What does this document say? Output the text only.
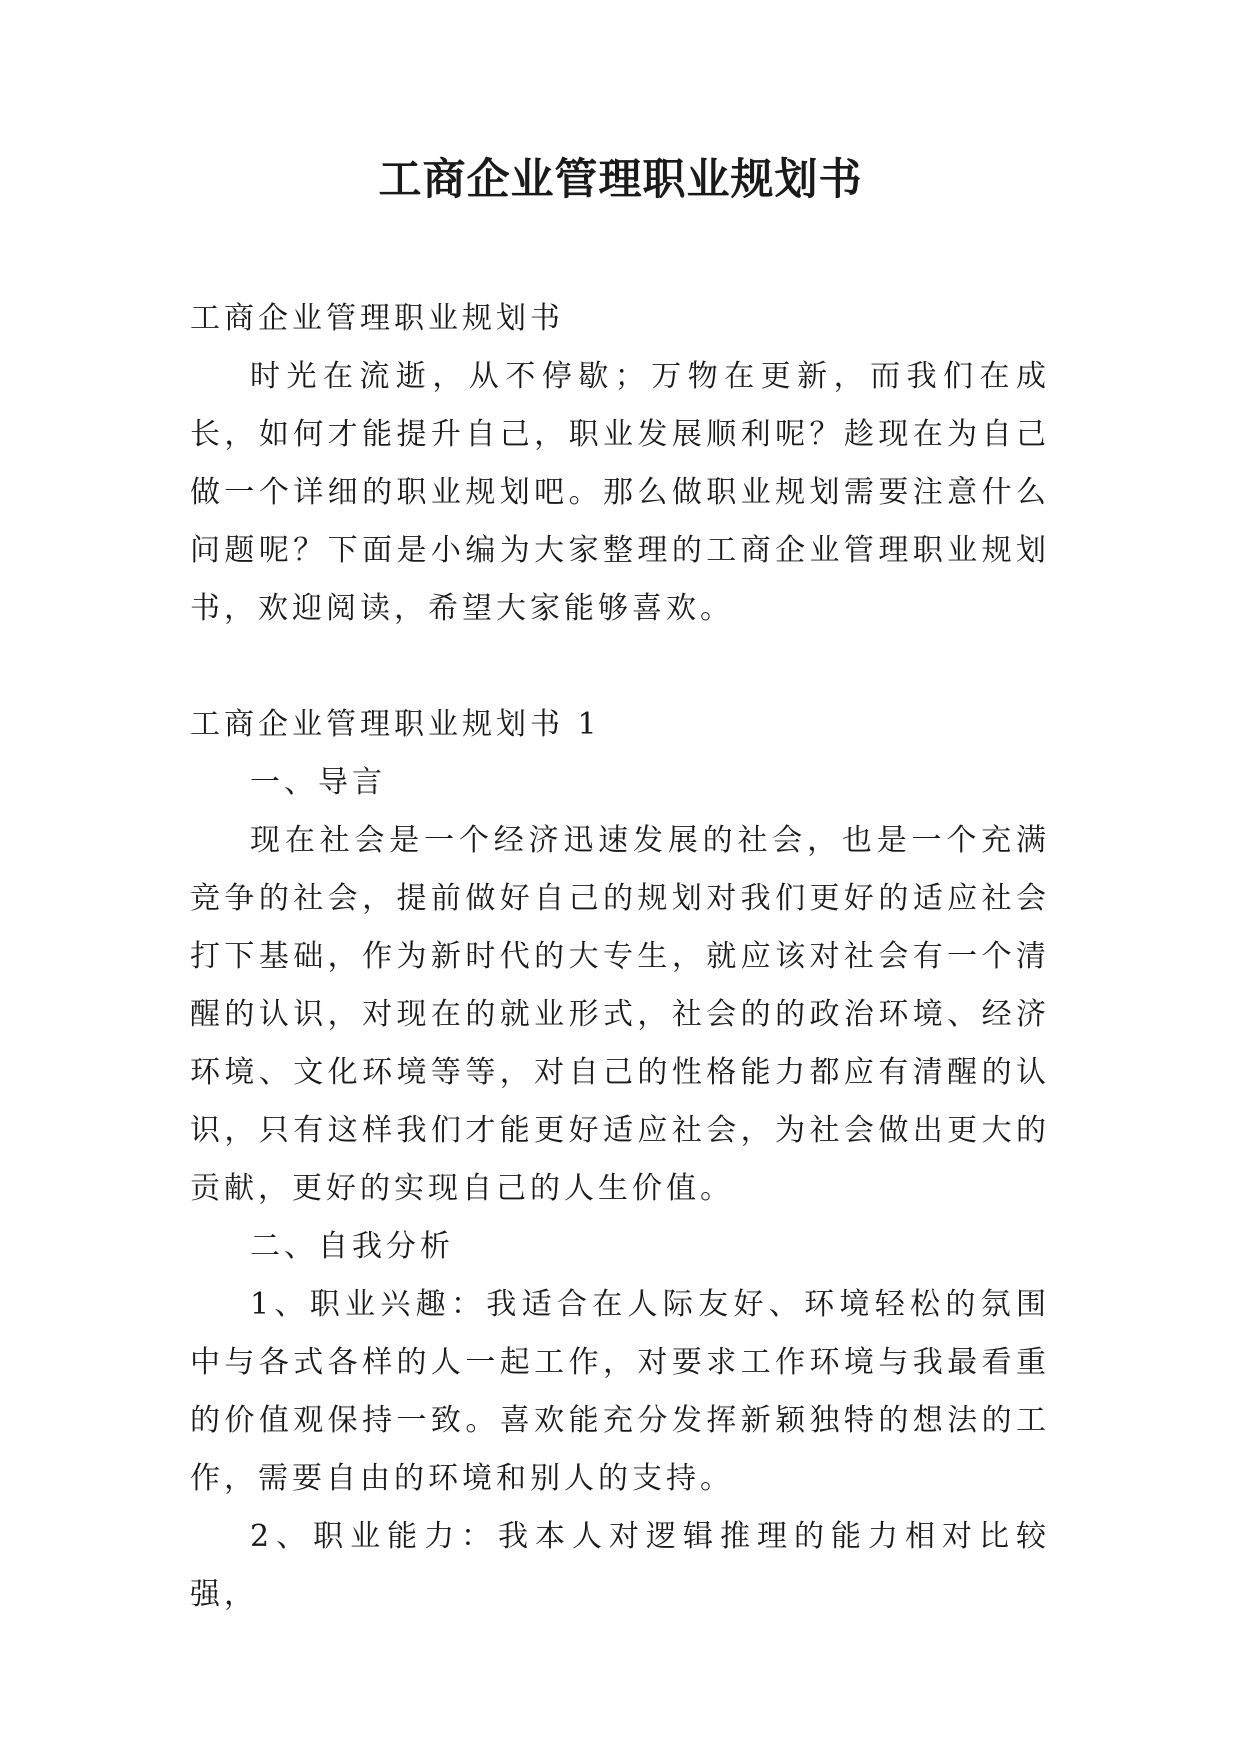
工商企业管理职业规划书

工商企业管理职业规划书

时光在流逝，从不停歇；万物在更新，而我们在成长，如何才能提升自己，职业发展顺利呢？趁现在为自己做一个详细的职业规划吧。那么做职业规划需要注意什么问题呢？下面是小编为大家整理的工商企业管理职业规划书，欢迎阅读，希望大家能够喜欢。

工商企业管理职业规划书 1

一、导言

现在社会是一个经济迅速发展的社会，也是一个充满竞争的社会，提前做好自己的规划对我们更好的适应社会打下基础，作为新时代的大专生，就应该对社会有一个清醒的认识，对现在的就业形式，社会的的政治环境、经济环境、文化环境等等，对自己的性格能力都应有清醒的认识，只有这样我们才能更好适应社会，为社会做出更大的贡献，更好的实现自己的人生价值。

二、自我分析

1、职业兴趣：我适合在人际友好、环境轻松的氛围中与各式各样的人一起工作，对要求工作环境与我最看重的价值观保持一致。喜欢能充分发挥新颖独特的想法的工作，需要自由的环境和别人的支持。

2、职业能力：我本人对逻辑推理的能力相对比较强，
